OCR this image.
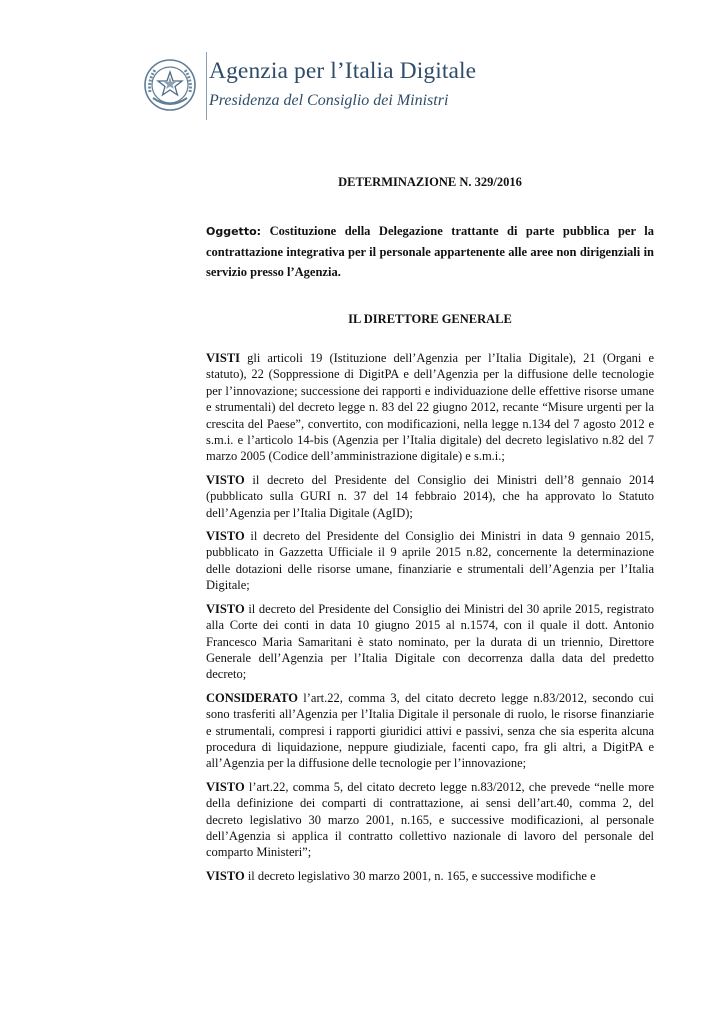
Agenzia per l’Italia Digitale
Presidenza del Consiglio dei Ministri
DETERMINAZIONE N. 329/2016
Oggetto: Costituzione della Delegazione trattante di parte pubblica per la contrattazione integrativa per il personale appartenente alle aree non dirigenziali in servizio presso l’Agenzia.
IL DIRETTORE GENERALE

VISTI gli articoli 19 (Istituzione dell’Agenzia per l’Italia Digitale), 21 (Organi e statuto), 22 (Soppressione di DigitPA e dell’Agenzia per la diffusione delle tecnologie per l’innovazione; successione dei rapporti e individuazione delle effettive risorse umane e strumentali) del decreto legge n. 83 del 22 giugno 2012, recante “Misure urgenti per la crescita del Paese”, convertito, con modificazioni, nella legge n.134 del 7 agosto 2012 e s.m.i. e l’articolo 14-bis (Agenzia per l’Italia digitale) del decreto legislativo n.82 del 7 marzo 2005 (Codice dell’amministrazione digitale) e s.m.i.;

VISTO il decreto del Presidente del Consiglio dei Ministri dell’8 gennaio 2014 (pubblicato sulla GURI n. 37 del 14 febbraio 2014), che ha approvato lo Statuto dell’Agenzia per l’Italia Digitale (AgID);

VISTO il decreto del Presidente del Consiglio dei Ministri in data 9 gennaio 2015, pubblicato in Gazzetta Ufficiale il 9 aprile 2015 n.82, concernente la determinazione delle dotazioni delle risorse umane, finanziarie e strumentali dell’Agenzia per l’Italia Digitale;

VISTO il decreto del Presidente del Consiglio dei Ministri del 30 aprile 2015, registrato alla Corte dei conti in data 10 giugno 2015 al n.1574, con il quale il dott. Antonio Francesco Maria Samaritani è stato nominato, per la durata di un triennio, Direttore Generale dell’Agenzia per l’Italia Digitale con decorrenza dalla data del predetto decreto;

CONSIDERATO l’art.22, comma 3, del citato decreto legge n.83/2012, secondo cui sono trasferiti all’Agenzia per l’Italia Digitale il personale di ruolo, le risorse finanziarie e strumentali, compresi i rapporti giuridici attivi e passivi, senza che sia esperita alcuna procedura di liquidazione, neppure giudiziale, facenti capo, fra gli altri, a DigitPA e all’Agenzia per la diffusione delle tecnologie per l’innovazione;

VISTO l’art.22, comma 5, del citato decreto legge n.83/2012, che prevede “nelle more della definizione dei comparti di contrattazione, ai sensi dell’art.40, comma 2, del decreto legislativo 30 marzo 2001, n.165, e successive modificazioni, al personale dell’Agenzia si applica il contratto collettivo nazionale di lavoro del personale del comparto Ministeri”;

VISTO il decreto legislativo 30 marzo 2001, n. 165, e successive modifiche e
